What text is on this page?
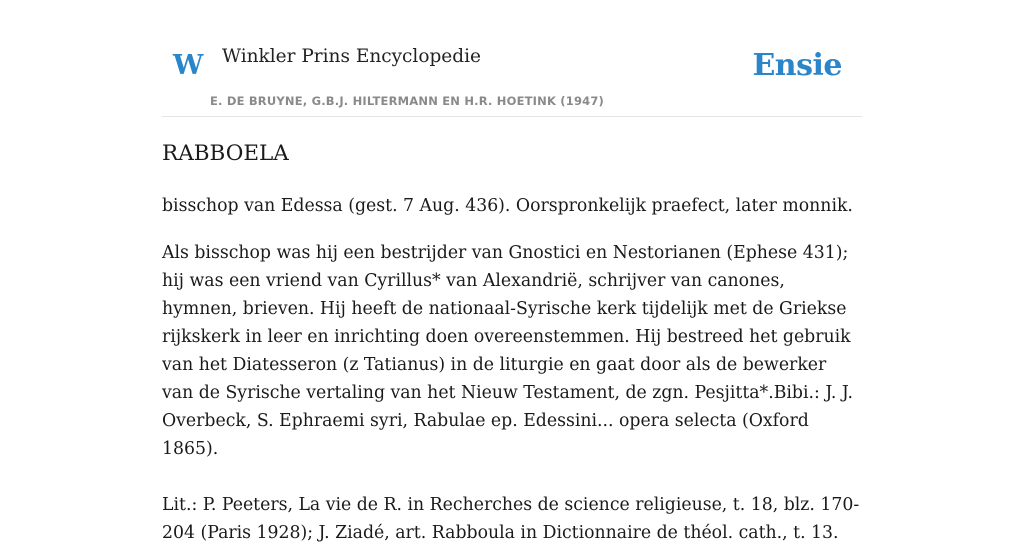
W Winkler Prins Encyclopedie
E. DE BRUYNE, G.B.J. HILTERMANN EN H.R. HOETINK (1947)
Ensie
RABBOELA

bisschop van Edessa (gest. 7 Aug. 436). Oorspronkelijk praefect, later monnik.

Als bisschop was hij een bestrijder van Gnostici en Nestorianen (Ephese 431); hij was een vriend van Cyrillus* van Alexandrië, schrijver van canones, hymnen, brieven. Hij heeft de nationaal-Syrische kerk tijdelijk met de Griekse rijkskerk in leer en inrichting doen overeenstemmen. Hij bestreed het gebruik van het Diatesseron (z Tatianus) in de liturgie en gaat door als de bewerker van de Syrische vertaling van het Nieuw Testament, de zgn. Pesjitta*.Bibi.: J. J. Overbeck, S. Ephraemi syri, Rabulae ep. Edessini... opera selecta (Oxford 1865).

Lit.: P. Peeters, La vie de R. in Recherches de science religieuse, t. 18, blz. 170-204 (Paris 1928); J. Ziadé, art. Rabboula in Dictionnaire de théol. cath., t. 13.
